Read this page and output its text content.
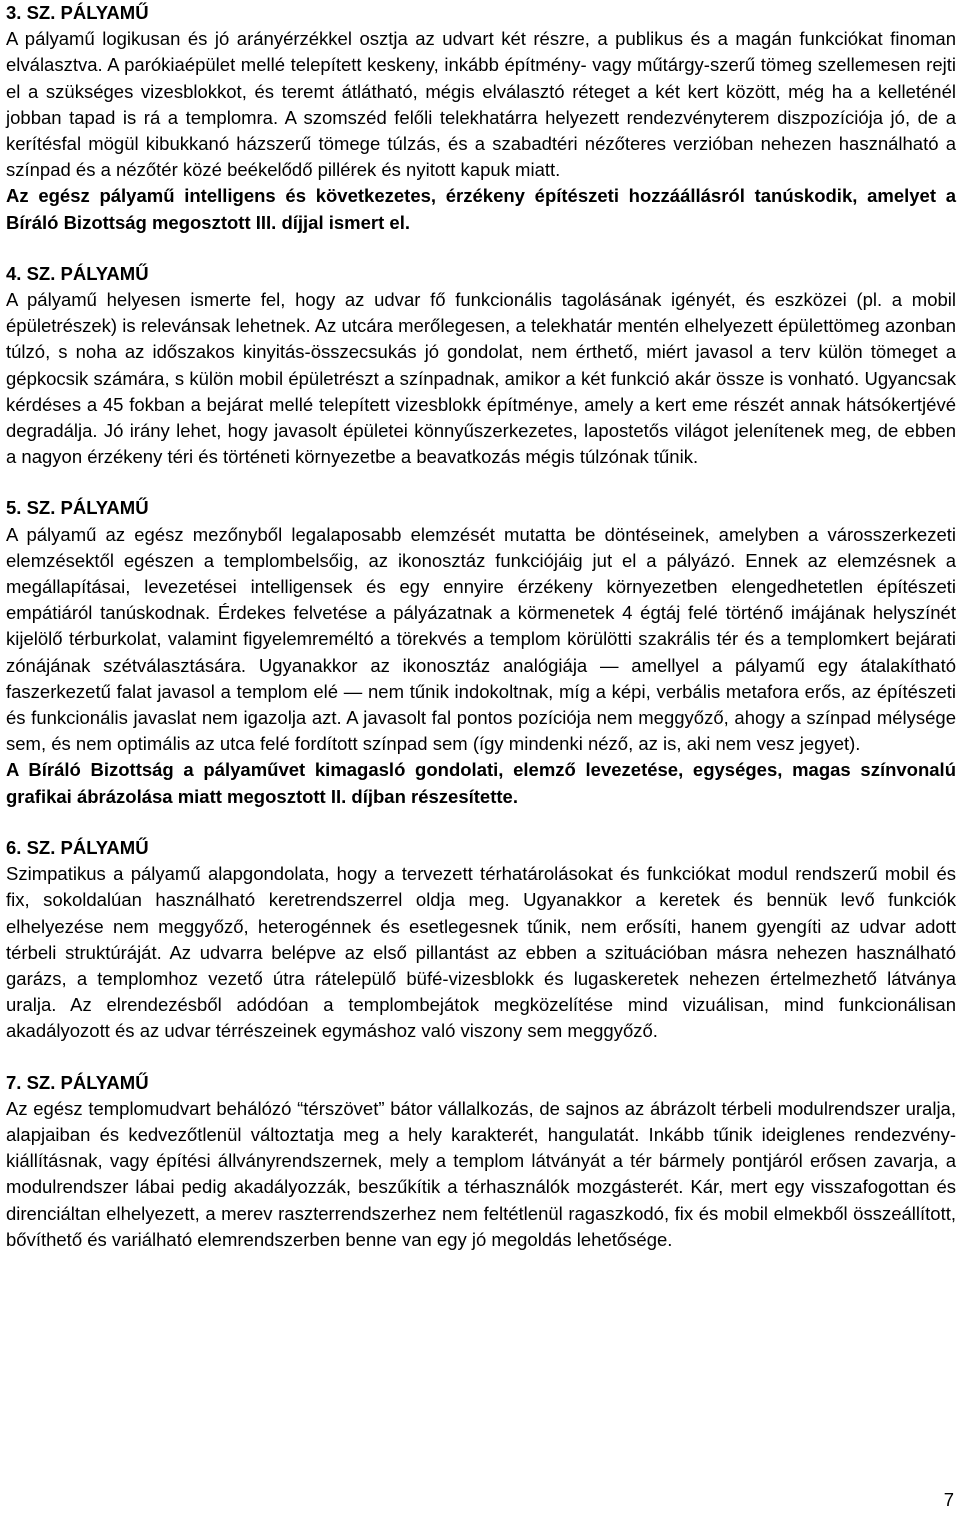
3. SZ. PÁLYAMŰ

A pályamű logikusan és jó arányérzékkel osztja az udvart két részre, a publikus és a magán funkciókat finoman elválasztva. A parókiaépület mellé telepített keskeny, inkább építmény- vagy műtárgy-szerű tömeg szellemesen rejti el a szükséges vizesblokkot, és teremt átlátható, mégis elválasztó réteget a két kert között, még ha a kelleténél jobban tapad is rá a templomra. A szomszéd felőli telekhatárra helyezett rendezvényterem diszpozíciója jó, de a kerítésfal mögül kibukkanó házszerű tömege túlzás, és a szabadtéri nézőteres verzióban nehezen használható a színpad és a nézőtér közé beékelődő pillérek és nyitott kapuk miatt.

Az egész pályamű intelligens és következetes, érzékeny építészeti hozzáállásról tanúskodik, amelyet a Bíráló Bizottság megosztott III. díjjal ismert el.

4. SZ. PÁLYAMŰ

A pályamű helyesen ismerte fel, hogy az udvar fő funkcionális tagolásának igényét, és eszközei (pl. a mobil épületrészek) is relevánsak lehetnek. Az utcára merőlegesen, a telekhatár mentén elhelyezett épülettömeg azonban túlzó, s noha az időszakos kinyitás-összecsukás jó gondolat, nem érthető, miért javasol a terv külön tömeget a gépkocsik számára, s külön mobil épületrészt a színpadnak, amikor a két funkció akár össze is vonható. Ugyancsak kérdéses a 45 fokban a bejárat mellé telepített vizesblokk építménye, amely a kert eme részét annak hátsókertjévé degradálja. Jó irány lehet, hogy javasolt épületei könnyűszerkezetes, lapostetős világot jelenítenek meg, de ebben a nagyon érzékeny téri és történeti környezetbe a beavatkozás mégis túlzónak tűnik.

5. SZ. PÁLYAMŰ

A pályamű az egész mezőnyből legalaposabb elemzését mutatta be döntéseinek, amelyben a városszerkezeti elemzésektől egészen a templombelsőig, az ikonosztáz funkciójáig jut el a pályázó. Ennek az elemzésnek a megállapításai, levezetései intelligensek és egy ennyire érzékeny környezetben elengedhetetlen építészeti empátiáról tanúskodnak. Érdekes felvetése a pályázatnak a körmenetek 4 égtáj felé történő imájának helyszínét kijelölő térburkolat, valamint figyelemreméltó a törekvés a templom körülötti szakrális tér és a templomkert bejárati zónájának szétválasztására. Ugyanakkor az ikonosztáz analógiája — amellyel a pályamű egy átalakítható faszerkezetű falat javasol a templom elé — nem tűnik indokoltnak, míg a képi, verbális metafora erős, az építészeti és funkcionális javaslat nem igazolja azt. A javasolt fal pontos pozíciója nem meggyőző, ahogy a színpad mélysége sem, és nem optimális az utca felé fordított színpad sem (így mindenki néző, az is, aki nem vesz jegyet).

A Bíráló Bizottság a pályaművet kimagasló gondolati, elemző levezetése, egységes, magas színvonalú grafikai ábrázolása miatt megosztott II. díjban részesítette.

6. SZ. PÁLYAMŰ

Szimpatikus a pályamű alapgondolata, hogy a tervezett térhatárolásokat és funkciókat modul rendszerű mobil és fix, sokoldalúan használható keretrendszerrel oldja meg. Ugyanakkor a keretek és bennük levő funkciók elhelyezése nem meggyőző, heterogénnek és esetlegesnek tűnik, nem erősíti, hanem gyengíti az udvar adott térbeli struktúráját. Az udvarra belépve az első pillantást az ebben a szituációban másra nehezen használható garázs, a templomhoz vezető útra rátelepülő büfé-vizesblokk és lugaskeretek nehezen értelmezhető látványa uralja. Az elrendezésből adódóan a templombejátok megközelítése mind vizuálisan, mind funkcionálisan akadályozott és az udvar térrészeinek egymáshoz való viszony sem meggyőző.

7. SZ. PÁLYAMŰ

Az egész templomudvart behálózó “térszövet” bátor vállalkozás, de sajnos az ábrázolt térbeli modulrendszer uralja, alapjaiban és kedvezőtlenül változtatja meg a hely karakterét, hangulatát. Inkább tűnik ideiglenes rendezvény-kiállításnak, vagy építési állványrendszernek, mely a templom látványát a tér bármely pontjáról erősen zavarja, a modulrendszer lábai pedig akadályozzák, beszűkítik a térhasználók mozgásterét. Kár, mert egy visszafogottan és direnciáltan elhelyezett, a merev raszterrendszerhez nem feltétlenül ragaszkodó, fix és mobil elmekből összeállított, bővíthető és variálható elemrendszerben benne van egy jó megoldás lehetősége.

7
